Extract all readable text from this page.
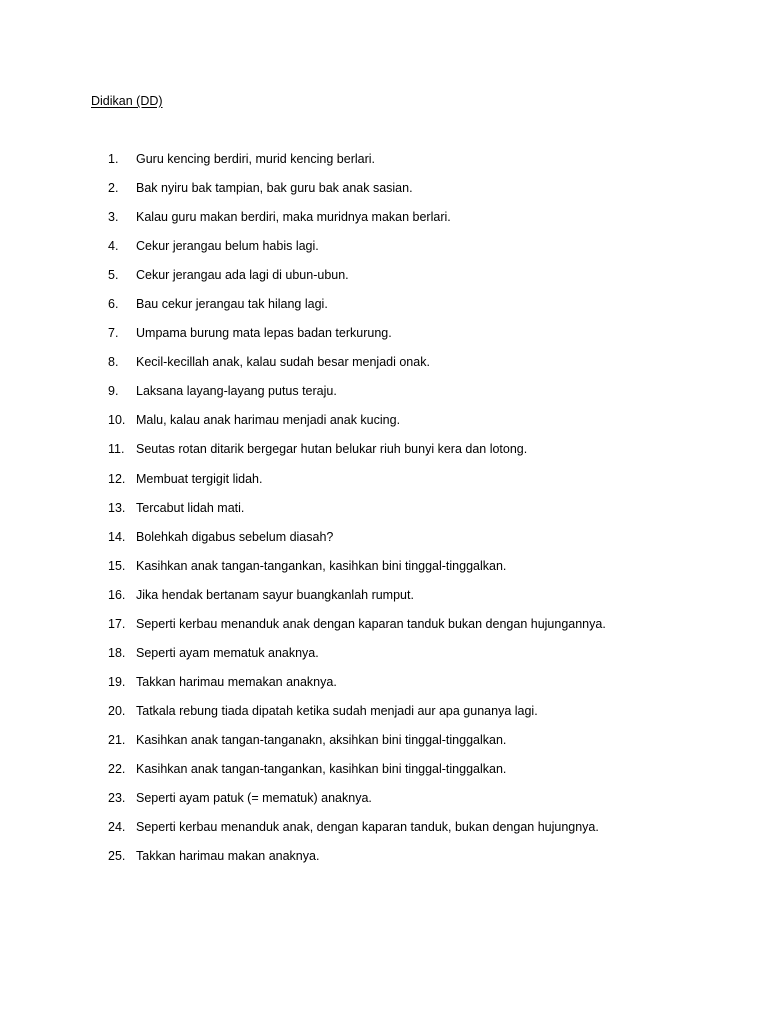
Didikan (DD)
1.	Guru kencing berdiri, murid kencing berlari.
2.	Bak nyiru bak tampian, bak guru bak anak sasian.
3.	Kalau guru makan berdiri, maka muridnya makan berlari.
4.	Cekur jerangau belum habis lagi.
5.	Cekur jerangau ada lagi di ubun-ubun.
6.	Bau cekur jerangau tak hilang lagi.
7.	Umpama burung mata lepas badan terkurung.
8.	Kecil-kecillah anak, kalau sudah besar menjadi onak.
9.	Laksana layang-layang putus teraju.
10. Malu, kalau anak harimau menjadi anak kucing.
11. Seutas rotan ditarik bergegar hutan belukar riuh bunyi kera dan lotong.
12. Membuat tergigit lidah.
13. Tercabut lidah mati.
14. Bolehkah digabus sebelum diasah?
15. Kasihkan anak tangan-tangankan, kasihkan bini tinggal-tinggalkan.
16. Jika hendak bertanam sayur buangkanlah rumput.
17. Seperti kerbau menanduk anak dengan kaparan tanduk bukan dengan hujungannya.
18. Seperti ayam mematuk anaknya.
19. Takkan harimau memakan anaknya.
20. Tatkala rebung tiada dipatah ketika sudah menjadi aur apa gunanya lagi.
21. Kasihkan anak tangan-tanganakn, aksihkan bini tinggal-tinggalkan.
22. Kasihkan anak tangan-tangankan, kasihkan bini tinggal-tinggalkan.
23. Seperti ayam patuk (= mematuk) anaknya.
24. Seperti kerbau menanduk anak, dengan kaparan tanduk, bukan dengan hujungnya.
25. Takkan harimau makan anaknya.
